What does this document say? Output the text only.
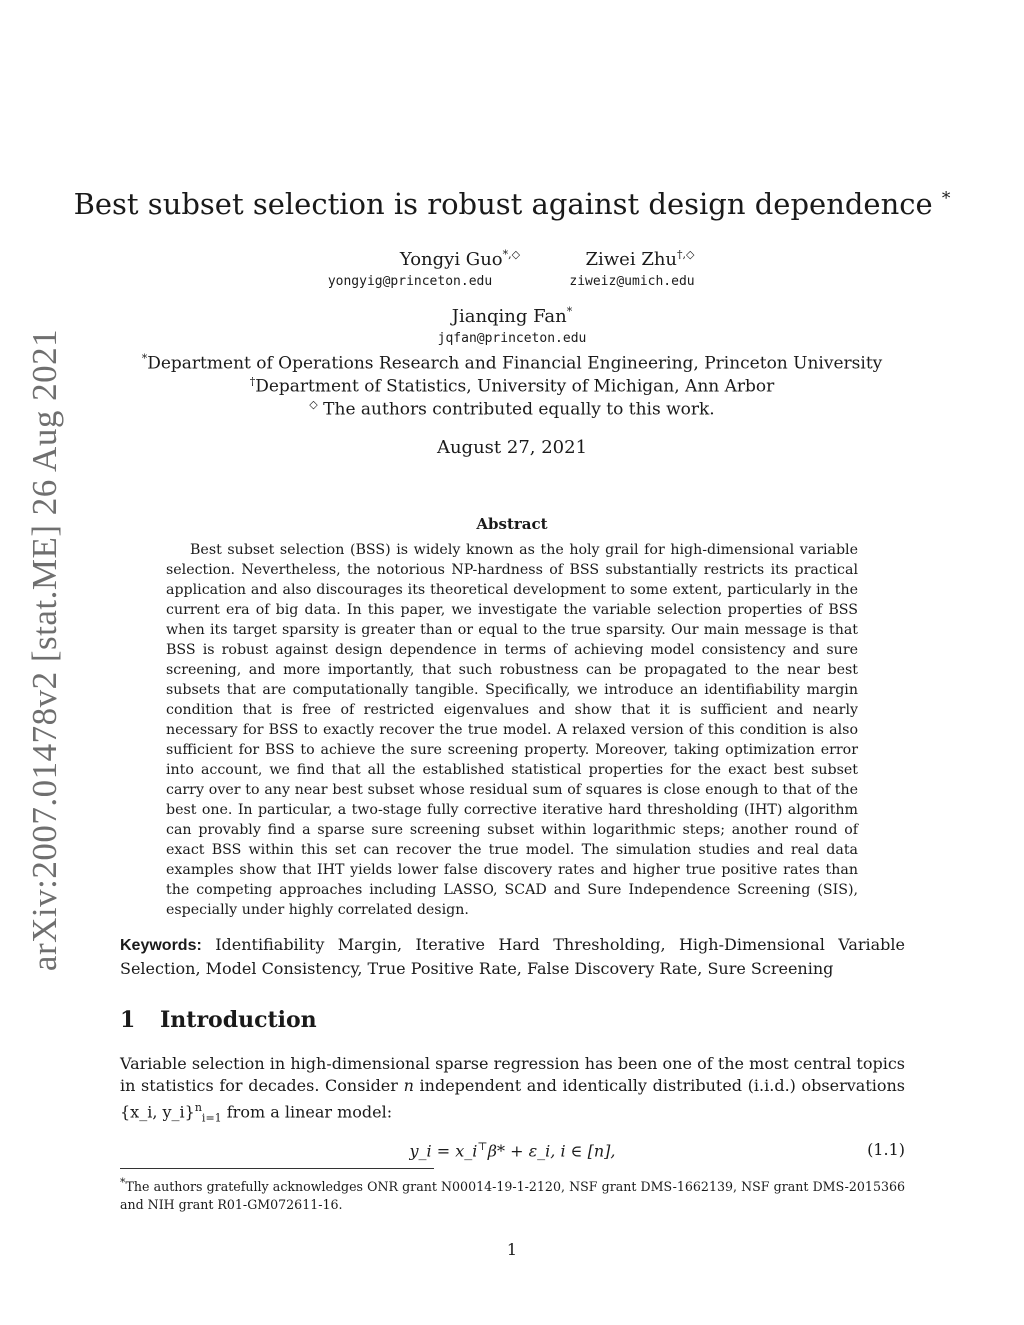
arXiv:2007.01478v2 [stat.ME] 26 Aug 2021
Best subset selection is robust against design dependence *
Yongyi Guo*,◇
yongyig@princeton.edu
Ziwei Zhu†,◇
ziweiz@umich.edu
Jianqing Fan*
jqfan@princeton.edu
*Department of Operations Research and Financial Engineering, Princeton University
†Department of Statistics, University of Michigan, Ann Arbor
◇ The authors contributed equally to this work.
August 27, 2021
Abstract

Best subset selection (BSS) is widely known as the holy grail for high-dimensional variable selection. Nevertheless, the notorious NP-hardness of BSS substantially restricts its practical application and also discourages its theoretical development to some extent, particularly in the current era of big data. In this paper, we investigate the variable selection properties of BSS when its target sparsity is greater than or equal to the true sparsity. Our main message is that BSS is robust against design dependence in terms of achieving model consistency and sure screening, and more importantly, that such robustness can be propagated to the near best subsets that are computationally tangible. Specifically, we introduce an identifiability margin condition that is free of restricted eigenvalues and show that it is sufficient and nearly necessary for BSS to exactly recover the true model. A relaxed version of this condition is also sufficient for BSS to achieve the sure screening property. Moreover, taking optimization error into account, we find that all the established statistical properties for the exact best subset carry over to any near best subset whose residual sum of squares is close enough to that of the best one. In particular, a two-stage fully corrective iterative hard thresholding (IHT) algorithm can provably find a sparse sure screening subset within logarithmic steps; another round of exact BSS within this set can recover the true model. The simulation studies and real data examples show that IHT yields lower false discovery rates and higher true positive rates than the competing approaches including LASSO, SCAD and Sure Independence Screening (SIS), especially under highly correlated design.

Keywords: Identifiability Margin, Iterative Hard Thresholding, High-Dimensional Variable Selection, Model Consistency, True Positive Rate, False Discovery Rate, Sure Screening

1 Introduction

Variable selection in high-dimensional sparse regression has been one of the most central topics in statistics for decades. Consider n independent and identically distributed (i.i.d.) observations {x_i, y_i}$^n_{i=1}$ from a linear model:

y_i = x_i⊤β* + ε_i, i ∈ [n],	(1.1)

*The authors gratefully acknowledges ONR grant N00014-19-1-2120, NSF grant DMS-1662139, NSF grant DMS-2015366 and NIH grant R01-GM072611-16.

1
